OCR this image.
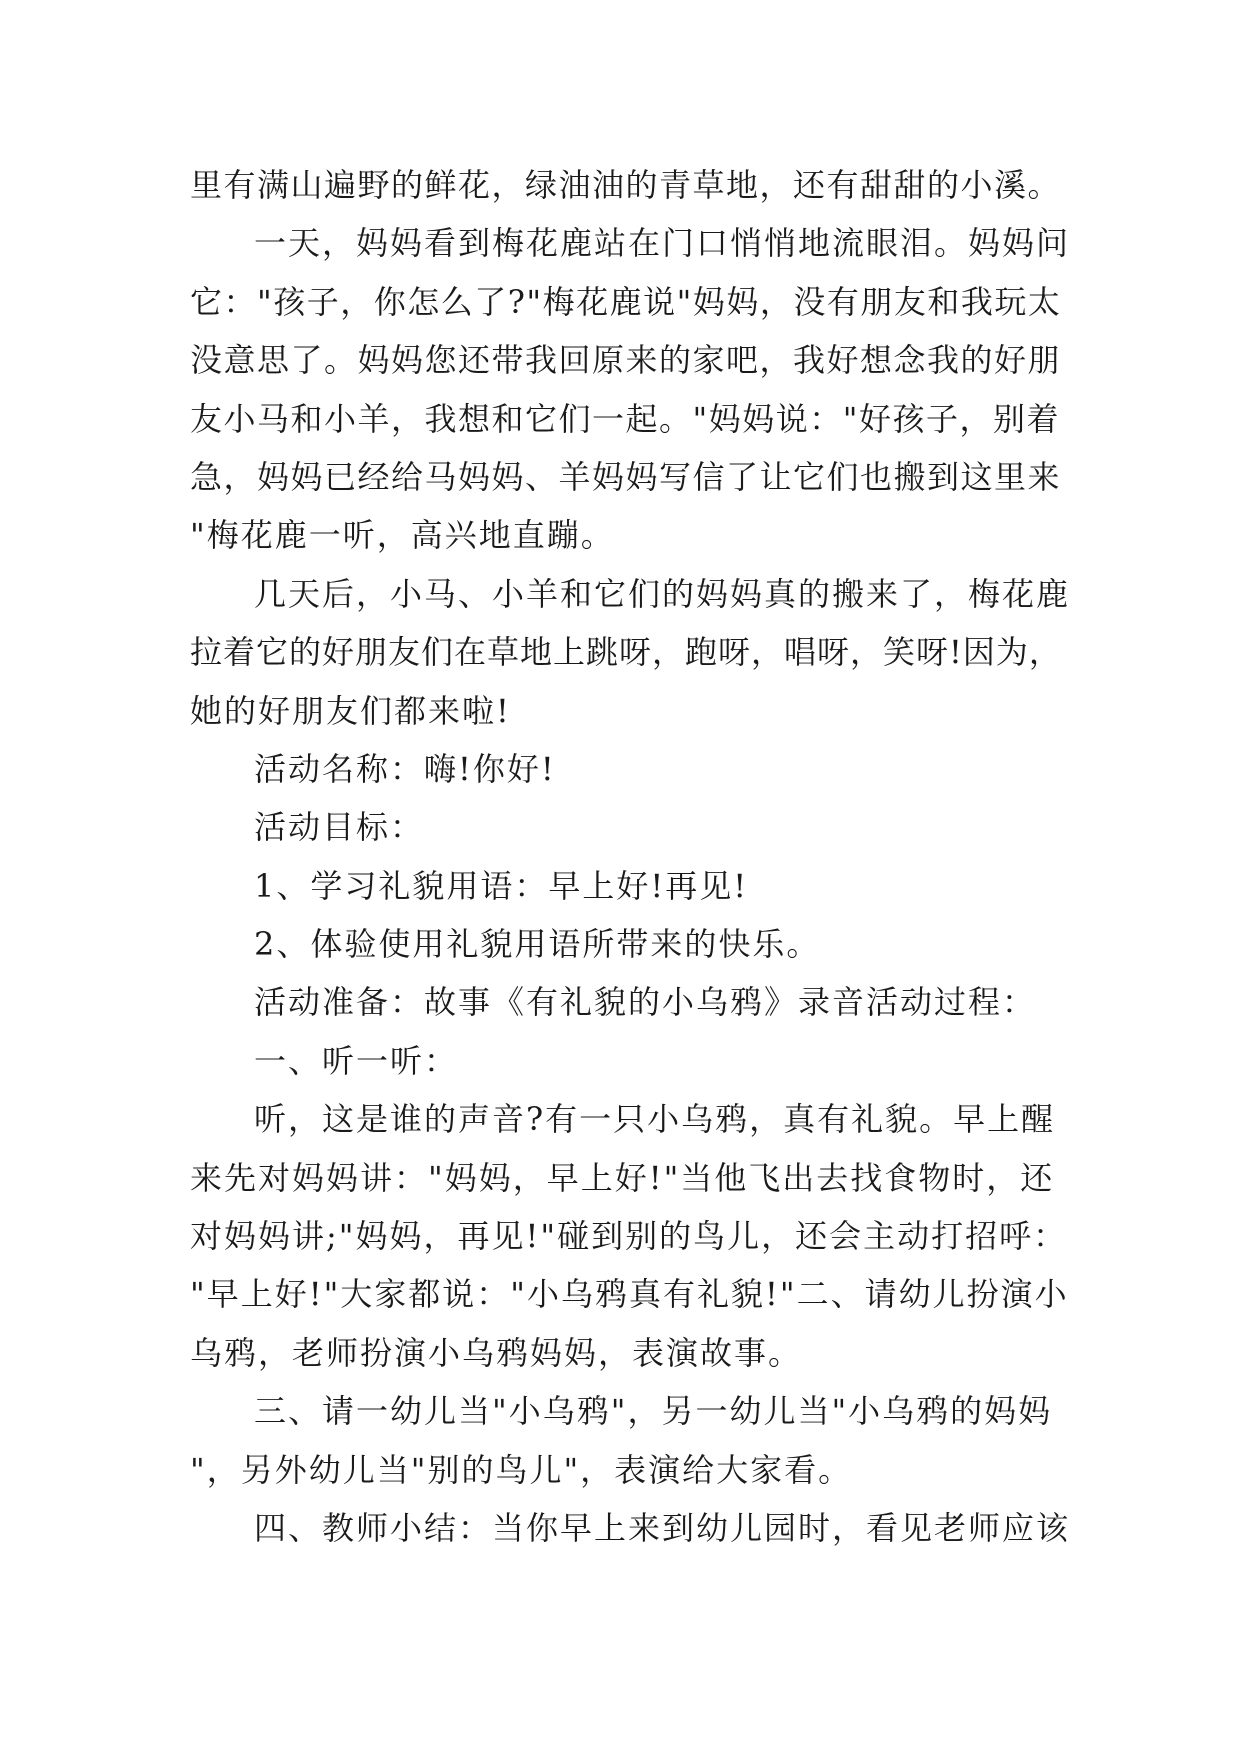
里有满山遍野的鲜花，绿油油的青草地，还有甜甜的小溪。
一天，妈妈看到梅花鹿站在门口悄悄地流眼泪。妈妈问
它："孩子，你怎么了?"梅花鹿说"妈妈，没有朋友和我玩太
没意思了。妈妈您还带我回原来的家吧，我好想念我的好朋
友小马和小羊，我想和它们一起。"妈妈说："好孩子，别着
急，妈妈已经给马妈妈、羊妈妈写信了让它们也搬到这里来
"梅花鹿一听，高兴地直蹦。
几天后，小马、小羊和它们的妈妈真的搬来了，梅花鹿
拉着它的好朋友们在草地上跳呀，跑呀，唱呀，笑呀!因为，
她的好朋友们都来啦!
活动名称：嗨!你好!
活动目标：
1、学习礼貌用语：早上好!再见!
2、体验使用礼貌用语所带来的快乐。
活动准备：故事《有礼貌的小乌鸦》录音活动过程：
一、听一听：
听，这是谁的声音?有一只小乌鸦，真有礼貌。早上醒
来先对妈妈讲："妈妈，早上好!"当他飞出去找食物时，还
对妈妈讲;"妈妈，再见!"碰到别的鸟儿，还会主动打招呼：
"早上好!"大家都说："小乌鸦真有礼貌!"二、请幼儿扮演小
乌鸦，老师扮演小乌鸦妈妈，表演故事。
三、请一幼儿当"小乌鸦"，另一幼儿当"小乌鸦的妈妈
"，另外幼儿当"别的鸟儿"，表演给大家看。
四、教师小结：当你早上来到幼儿园时，看见老师应该
